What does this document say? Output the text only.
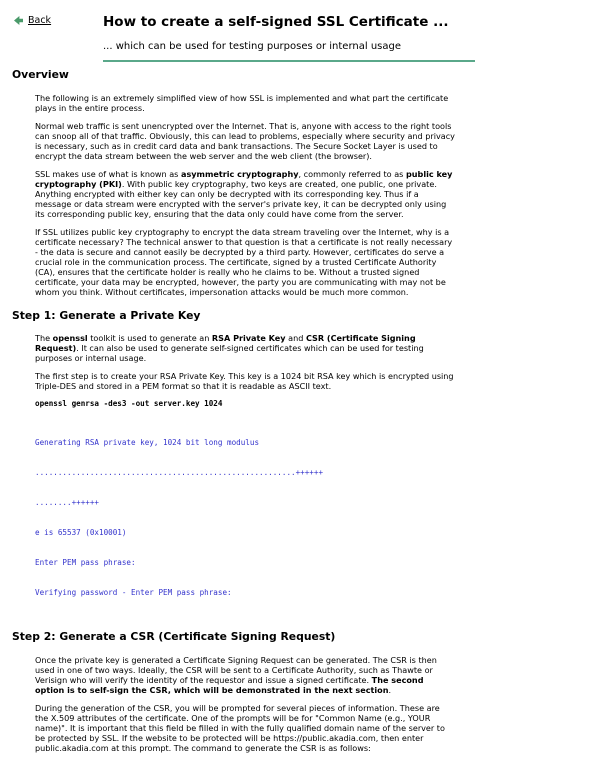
Back	How to create a self-signed SSL Certificate ...
... which can be used for testing purposes or internal usage
Overview

The following is an extremely simplified view of how SSL is implemented and what part the certificate plays in the entire process.

Normal web traffic is sent unencrypted over the Internet. That is, anyone with access to the right tools can snoop all of that traffic. Obviously, this can lead to problems, especially where security and privacy is necessary, such as in credit card data and bank transactions. The Secure Socket Layer is used to encrypt the data stream between the web server and the web client (the browser).

SSL makes use of what is known as asymmetric cryptography, commonly referred to as public key cryptography (PKI). With public key cryptography, two keys are created, one public, one private. Anything encrypted with either key can only be decrypted with its corresponding key. Thus if a message or data stream were encrypted with the server's private key, it can be decrypted only using its corresponding public key, ensuring that the data only could have come from the server.

If SSL utilizes public key cryptography to encrypt the data stream traveling over the Internet, why is a certificate necessary? The technical answer to that question is that a certificate is not really necessary - the data is secure and cannot easily be decrypted by a third party. However, certificates do serve a crucial role in the communication process. The certificate, signed by a trusted Certificate Authority (CA), ensures that the certificate holder is really who he claims to be. Without a trusted signed certificate, your data may be encrypted, however, the party you are communicating with may not be whom you think. Without certificates, impersonation attacks would be much more common.

Step 1: Generate a Private Key

The openssl toolkit is used to generate an RSA Private Key and CSR (Certificate Signing Request). It can also be used to generate self-signed certificates which can be used for testing purposes or internal usage.

The first step is to create your RSA Private Key. This key is a 1024 bit RSA key which is encrypted using Triple-DES and stored in a PEM format so that it is readable as ASCII text.

openssl genrsa -des3 -out server.key 1024

Generating RSA private key, 1024 bit long modulus

.........................................................++++++

........++++++

e is 65537 (0x10001)

Enter PEM pass phrase:

Verifying password - Enter PEM pass phrase:

Step 2: Generate a CSR (Certificate Signing Request)

Once the private key is generated a Certificate Signing Request can be generated. The CSR is then used in one of two ways. Ideally, the CSR will be sent to a Certificate Authority, such as Thawte or Verisign who will verify the identity of the requestor and issue a signed certificate. The second option is to self-sign the CSR, which will be demonstrated in the next section.

During the generation of the CSR, you will be prompted for several pieces of information. These are the X.509 attributes of the certificate. One of the prompts will be for "Common Name (e.g., YOUR name)". It is important that this field be filled in with the fully qualified domain name of the server to be protected by SSL. If the website to be protected will be https://public.akadia.com, then enter public.akadia.com at this prompt. The command to generate the CSR is as follows:
